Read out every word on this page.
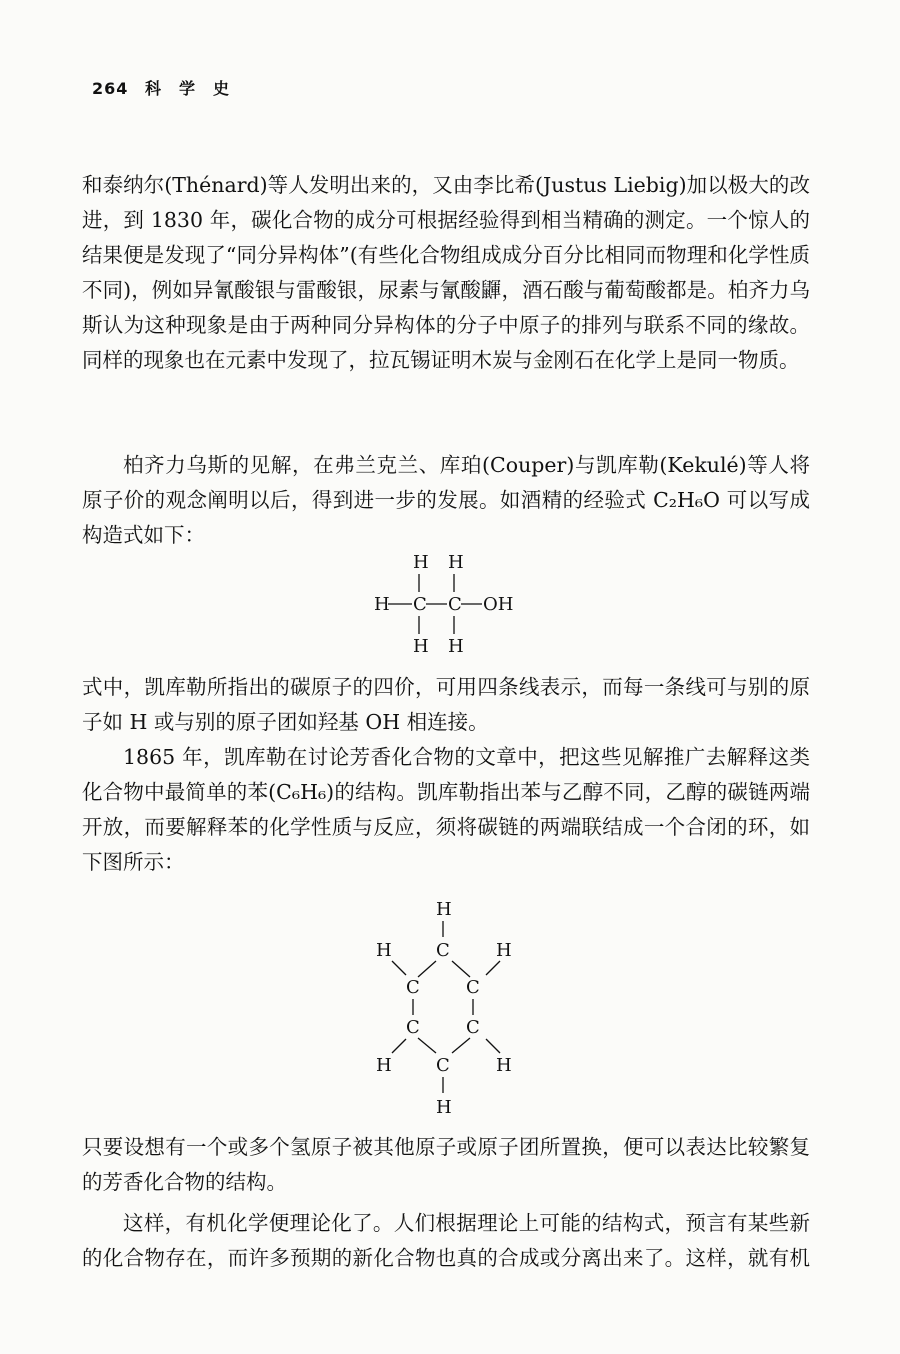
264 科学史

和泰纳尔(Thénard)等人发明出来的，又由李比希(Justus Liebig)加以极大的改进，到 1830 年，碳化合物的成分可根据经验得到相当精确的测定。一个惊人的结果便是发现了“同分异构体”(有些化合物组成成分百分比相同而物理和化学性质不同)，例如异氰酸银与雷酸银，尿素与氰酸鼲，酒石酸与葡萄酸都是。柏齐力乌斯认为这种现象是由于两种同分异构体的分子中原子的排列与联系不同的缘故。同样的现象也在元素中发现了，拉瓦锡证明木炭与金刚石在化学上是同一物质。

柏齐力乌斯的见解，在弗兰克兰、库珀(Couper)与凯库勒(Kekulé)等人将原子价的观念阐明以后，得到进一步的发展。如酒精的经验式 C₂H₆O 可以写成构造式如下：

H H
H C C OH
H H

式中，凯库勒所指出的碳原子的四价，可用四条线表示，而每一条线可与别的原子如 H 或与别的原子团如羟基 OH 相连接。

1865 年，凯库勒在讨论芳香化合物的文章中，把这些见解推广去解释这类化合物中最简单的苯(C₆H₆)的结构。凯库勒指出苯与乙醇不同，乙醇的碳链两端开放，而要解释苯的化学性质与反应，须将碳链的两端联结成一个合闭的环，如下图所示：

H
C
H	H
C	C
C	C
H	H
C
H

只要设想有一个或多个氢原子被其他原子或原子团所置换，便可以表达比较繁复的芳香化合物的结构。

这样，有机化学便理论化了。人们根据理论上可能的结构式，预言有某些新的化合物存在，而许多预期的新化合物也真的合成或分离出来了。这样，就有机
